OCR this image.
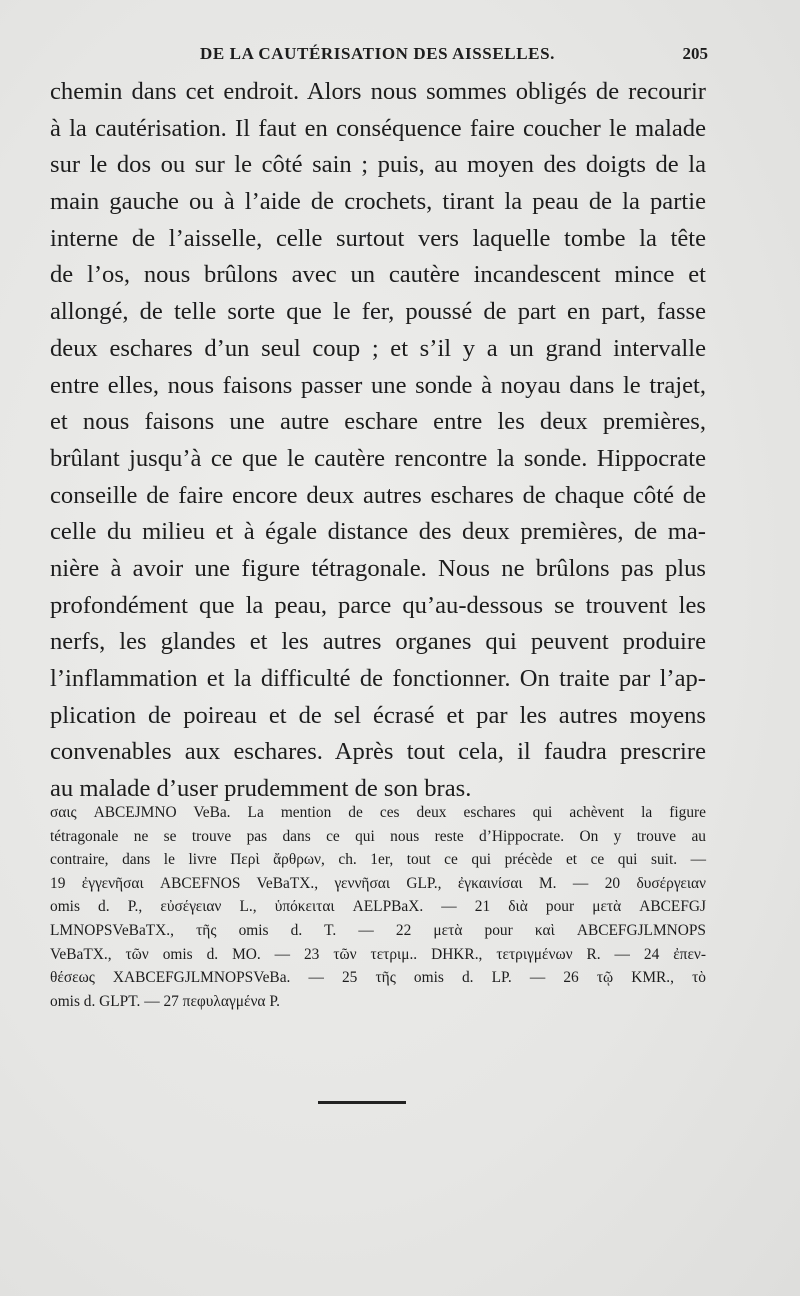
DE LA CAUTÉRISATION DES AISSELLES.	205
chemin dans cet endroit. Alors nous sommes obligés de recourir
à la cautérisation. Il faut en conséquence faire coucher le malade
sur le dos ou sur le côté sain ; puis, au moyen des doigts de la
main gauche ou à l’aide de crochets, tirant la peau de la partie
interne de l’aisselle, celle surtout vers laquelle tombe la tête
de l’os, nous brûlons avec un cautère incandescent mince et
allongé, de telle sorte que le fer, poussé de part en part, fasse
deux eschares d’un seul coup ; et s’il y a un grand intervalle
entre elles, nous faisons passer une sonde à noyau dans le trajet,
et nous faisons une autre eschare entre les deux premières,
brûlant jusqu’à ce que le cautère rencontre la sonde. Hippocrate
conseille de faire encore deux autres eschares de chaque côté de
celle du milieu et à égale distance des deux premières, de ma-
nière à avoir une figure tétragonale. Nous ne brûlons pas plus
profondément que la peau, parce qu’au-dessous se trouvent les
nerfs, les glandes et les autres organes qui peuvent produire
l’inflammation et la difficulté de fonctionner. On traite par l’ap-
plication de poireau et de sel écrasé et par les autres moyens
convenables aux eschares. Après tout cela, il faudra prescrire
au malade d’user prudemment de son bras.
σαις ABCEJMNO VeBa. La mention de ces deux eschares qui achèvent la figure
tétragonale ne se trouve pas dans ce qui nous reste d’Hippocrate. On y trouve au
contraire, dans le livre Περὶ ἄρθρων, ch. 1er, tout ce qui précède et ce qui suit. —
19 ἐγγενῆσαι ABCEFNOS VeBaTX., γεννῆσαι GLP., ἐγκαινίσαι M. — 20 δυσέργειαν
omis d. P., εὐσέγειαν L., ὑπόκειται AELPBaX. — 21 διὰ pour μετὰ ABCEFGJ
LMNOPSVeBaTX., τῆς omis d. T. — 22 μετὰ pour καὶ ABCEFGJLMNOPS
VeBaTX., τῶν omis d. MO. — 23 τῶν τετριμ.. DHKR., τετριγμένων R. — 24 ἐπεν-
θέσεως XABCEFGJLMNOPSVeBa. — 25 τῆς omis d. LP. — 26 τῷ KMR., τὸ
omis d. GLPT. — 27 πεφυλαγμένα P.
